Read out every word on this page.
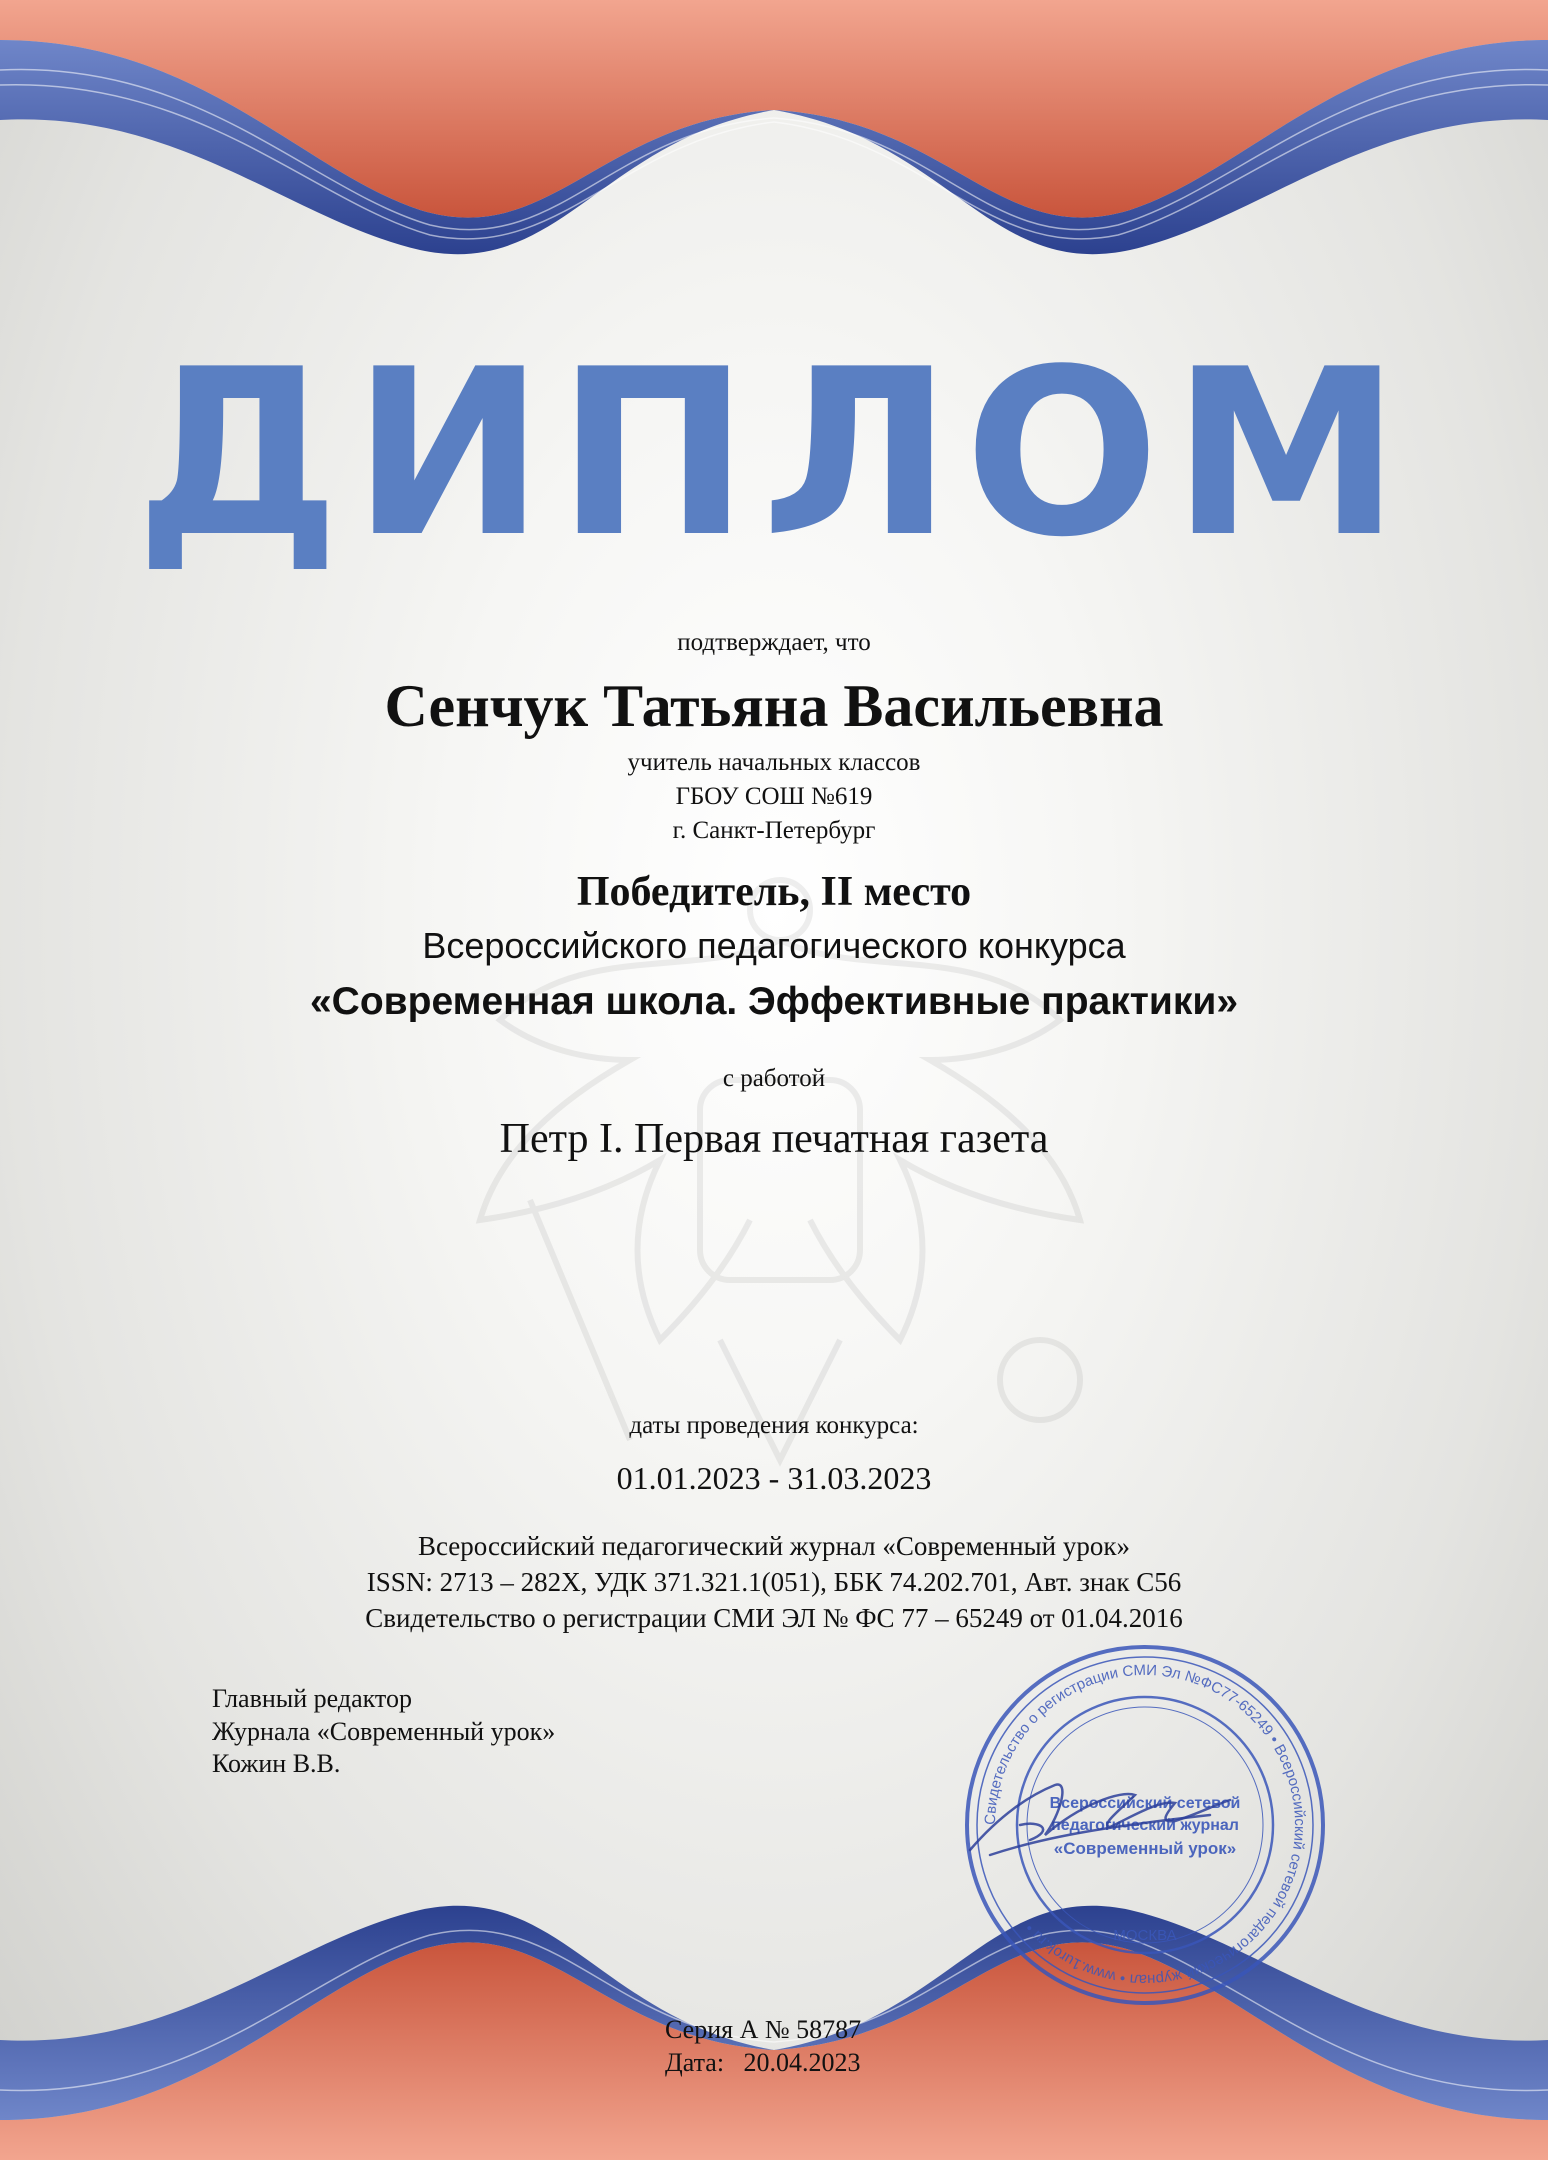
ДИПЛОМ
подтверждает, что
Сенчук Татьяна Васильевна
учитель начальных классов
ГБОУ СОШ №619
г. Санкт-Петербург
Победитель, II место
Всероссийского педагогического конкурса
«Современная школа. Эффективные практики»
с работой
Петр I. Первая печатная газета
даты проведения конкурса:
01.01.2023 - 31.03.2023
Всероссийский педагогический журнал «Современный урок»
ISSN: 2713 – 282X, УДК 371.321.1(051), ББК 74.202.701, Авт. знак С56
Свидетельство о регистрации СМИ ЭЛ № ФС 77 – 65249 от 01.04.2016
Главный редактор
Журнала «Современный урок»
Кожин В.В.
Свидетельство о регистрации СМИ Эл №ФС77-65249 • Всероссийский сетевой педагогический журнал • www.1urok.ru •
Всероссийский сетевой
педагогический журнал
«Современный урок»
МОСКВА
Серия А № 58787
Дата:   20.04.2023
